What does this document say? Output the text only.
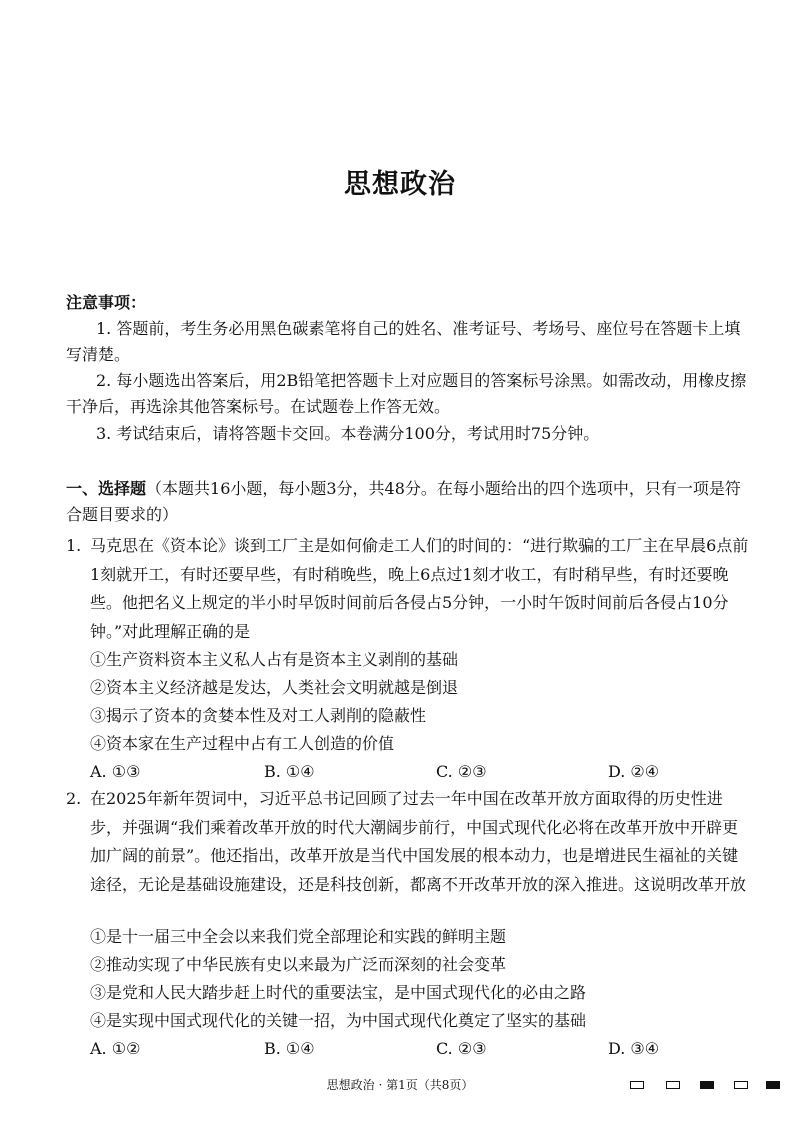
思想政治
注意事项：

1. 答题前，考生务必用黑色碳素笔将自己的姓名、准考证号、考场号、座位号在答题卡上填写清楚。

2. 每小题选出答案后，用2B铅笔把答题卡上对应题目的答案标号涂黑。如需改动，用橡皮擦干净后，再选涂其他答案标号。在试题卷上作答无效。

3. 考试结束后，请将答题卡交回。本卷满分100分，考试用时75分钟。

一、选择题（本题共16小题，每小题3分，共48分。在每小题给出的四个选项中，只有一项是符合题目要求的）

1. 马克思在《资本论》谈到工厂主是如何偷走工人们的时间的：“进行欺骗的工厂主在早晨6点前1刻就开工，有时还要早些，有时稍晚些，晚上6点过1刻才收工，有时稍早些，有时还要晚些。他把名义上规定的半小时早饭时间前后各侵占5分钟，一小时午饭时间前后各侵占10分钟。”对此理解正确的是
①生产资料资本主义私人占有是资本主义剥削的基础
②资本主义经济越是发达，人类社会文明就越是倒退
③揭示了资本的贪婪本性及对工人剥削的隐蔽性
④资本家在生产过程中占有工人创造的价值
A. ①③	B. ①④	C. ②③	D. ②④
2. 在2025年新年贺词中，习近平总书记回顾了过去一年中国在改革开放方面取得的历史性进步，并强调“我们乘着改革开放的时代大潮阔步前行，中国式现代化必将在改革开放中开辟更加广阔的前景”。他还指出，改革开放是当代中国发展的根本动力，也是增进民生福祉的关键途径，无论是基础设施建设，还是科技创新，都离不开改革开放的深入推进。这说明改革开放
①是十一届三中全会以来我们党全部理论和实践的鲜明主题
②推动实现了中华民族有史以来最为广泛而深刻的社会变革
③是党和人民大踏步赶上时代的重要法宝，是中国式现代化的必由之路
④是实现中国式现代化的关键一招，为中国式现代化奠定了坚实的基础
A. ①②	B. ①④	C. ②③	D. ③④
思想政治 · 第1页（共8页）
